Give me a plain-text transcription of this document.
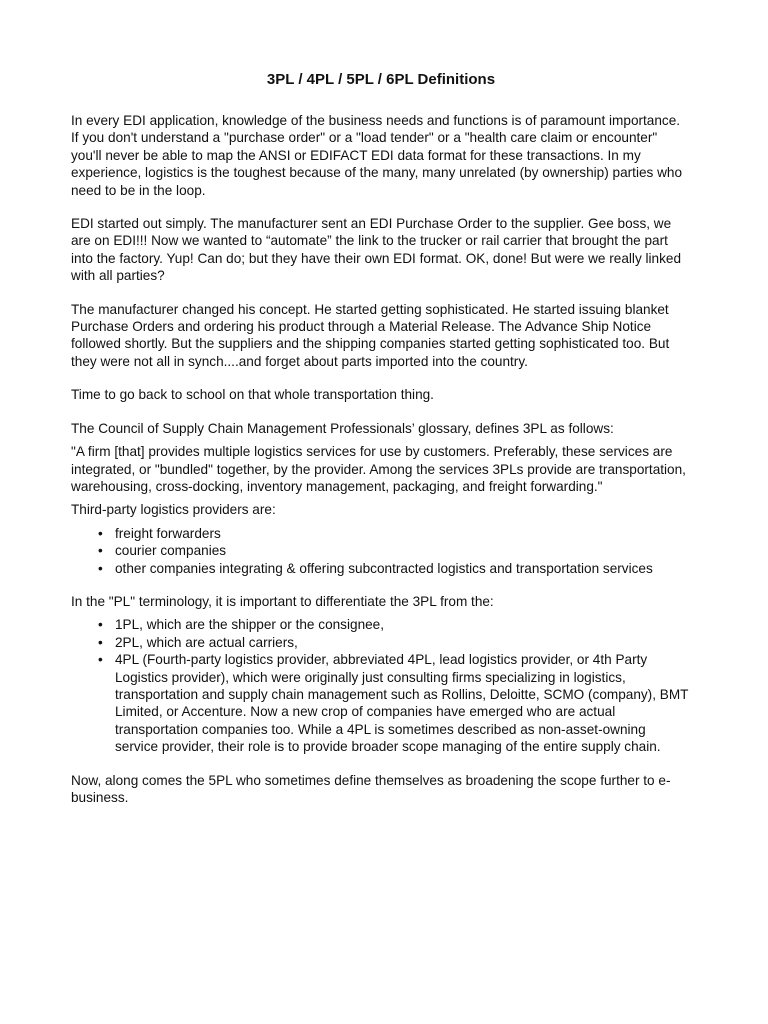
3PL / 4PL / 5PL / 6PL Definitions

In every EDI application, knowledge of the business needs and functions is of paramount importance. If you don't understand a "purchase order" or a "load tender" or a "health care claim or encounter" you'll never be able to map the ANSI or EDIFACT EDI data format for these transactions. In my experience, logistics is the toughest because of the many, many unrelated (by ownership) parties who need to be in the loop.

EDI started out simply. The manufacturer sent an EDI Purchase Order to the supplier. Gee boss, we are on EDI!!! Now we wanted to “automate” the link to the trucker or rail carrier that brought the part into the factory. Yup! Can do; but they have their own EDI format. OK, done! But were we really linked with all parties?

The manufacturer changed his concept. He started getting sophisticated. He started issuing blanket Purchase Orders and ordering his product through a Material Release. The Advance Ship Notice followed shortly. But the suppliers and the shipping companies started getting sophisticated too. But they were not all in synch....and forget about parts imported into the country.

Time to go back to school on that whole transportation thing.

The Council of Supply Chain Management Professionals’ glossary, defines 3PL as follows:

"A firm [that] provides multiple logistics services for use by customers. Preferably, these services are integrated, or "bundled" together, by the provider. Among the services 3PLs provide are transportation, warehousing, cross-docking, inventory management, packaging, and freight forwarding."

Third-party logistics providers are:

• freight forwarders
• courier companies
• other companies integrating & offering subcontracted logistics and transportation services

In the "PL" terminology, it is important to differentiate the 3PL from the:

• 1PL, which are the shipper or the consignee,
• 2PL, which are actual carriers,
• 4PL (Fourth-party logistics provider, abbreviated 4PL, lead logistics provider, or 4th Party Logistics provider), which were originally just consulting firms specializing in logistics, transportation and supply chain management such as Rollins, Deloitte, SCMO (company), BMT Limited, or Accenture. Now a new crop of companies have emerged who are actual transportation companies too. While a 4PL is sometimes described as non-asset-owning service provider, their role is to provide broader scope managing of the entire supply chain.

Now, along comes the 5PL who sometimes define themselves as broadening the scope further to e-business.
